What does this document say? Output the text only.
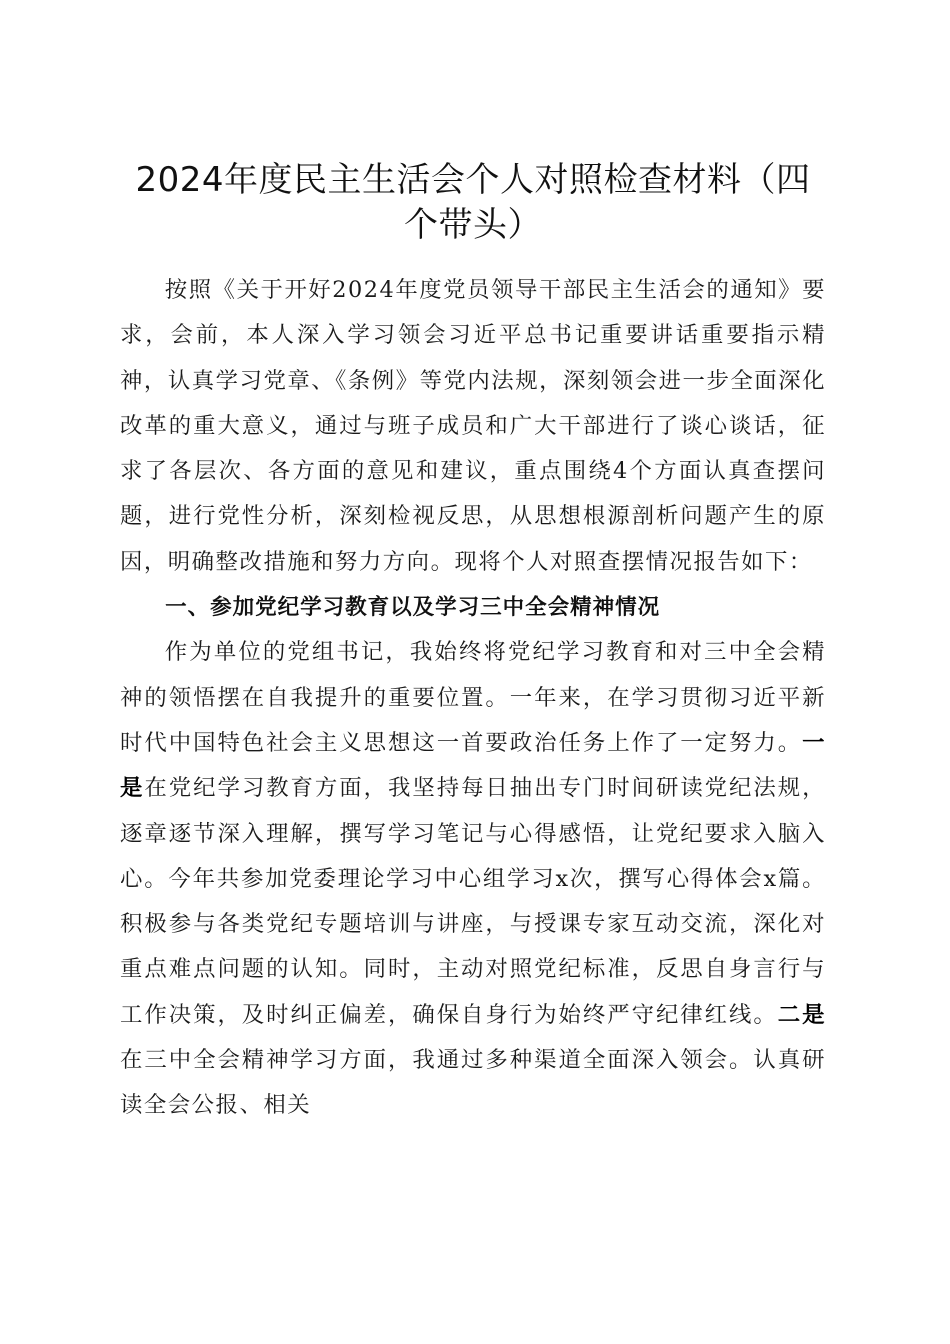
2024年度民主生活会个人对照检查材料（四个带头）

按照《关于开好2024年度党员领导干部民主生活会的通知》要求，会前，本人深入学习领会习近平总书记重要讲话重要指示精神，认真学习党章、《条例》等党内法规，深刻领会进一步全面深化改革的重大意义，通过与班子成员和广大干部进行了谈心谈话，征求了各层次、各方面的意见和建议，重点围绕4个方面认真查摆问题，进行党性分析，深刻检视反思，从思想根源剖析问题产生的原因，明确整改措施和努力方向。现将个人对照查摆情况报告如下：

一、参加党纪学习教育以及学习三中全会精神情况

作为单位的党组书记，我始终将党纪学习教育和对三中全会精神的领悟摆在自我提升的重要位置。一年来，在学习贯彻习近平新时代中国特色社会主义思想这一首要政治任务上作了一定努力。一是在党纪学习教育方面，我坚持每日抽出专门时间研读党纪法规，逐章逐节深入理解，撰写学习笔记与心得感悟，让党纪要求入脑入心。今年共参加党委理论学习中心组学习x次，撰写心得体会x篇。积极参与各类党纪专题培训与讲座，与授课专家互动交流，深化对重点难点问题的认知。同时，主动对照党纪标准，反思自身言行与工作决策，及时纠正偏差，确保自身行为始终严守纪律红线。二是在三中全会精神学习方面，我通过多种渠道全面深入领会。认真研读全会公报、相关
